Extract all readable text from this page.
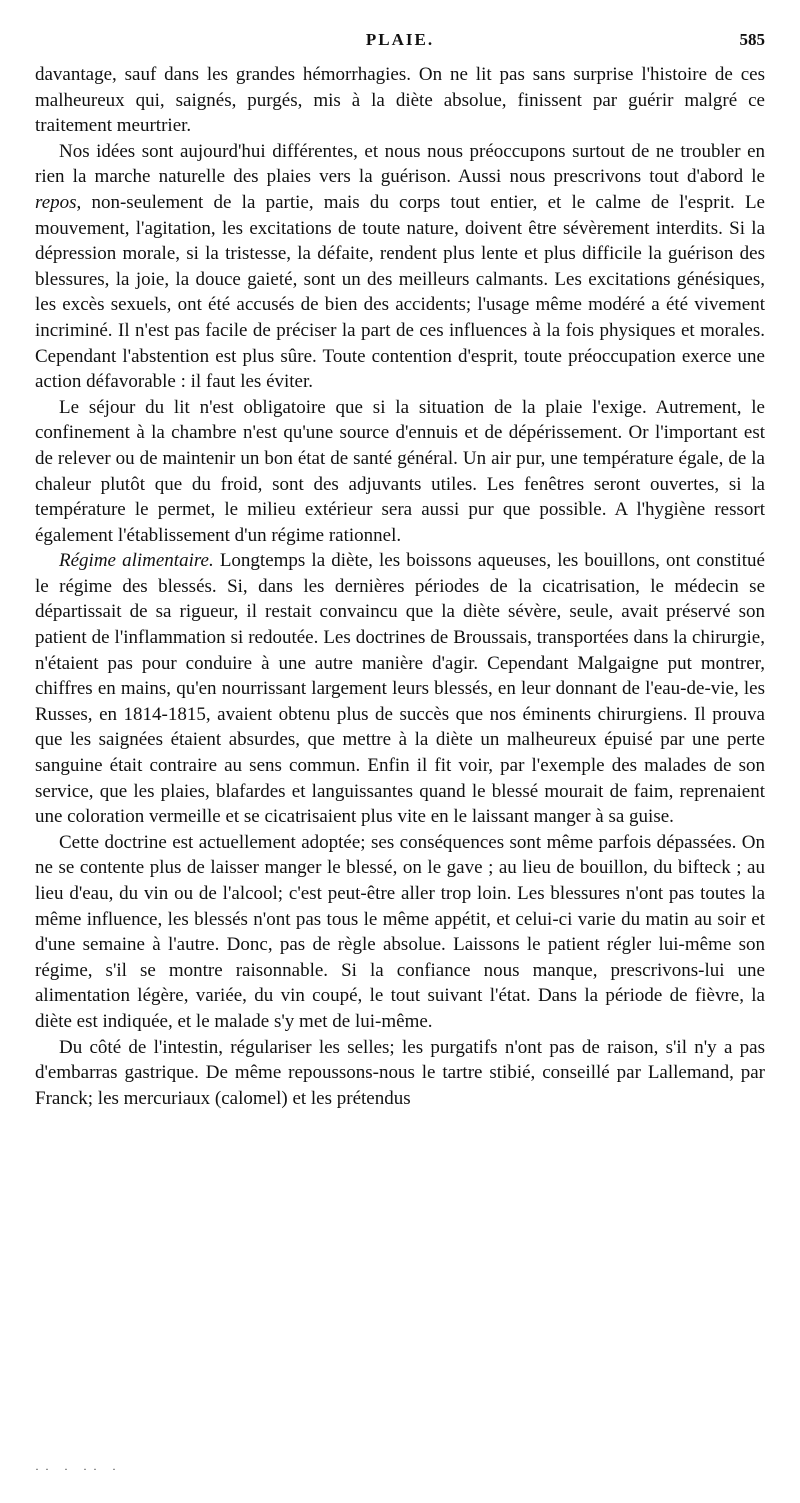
PLAIE.	585

davantage, sauf dans les grandes hémorrhagies. On ne lit pas sans surprise l'histoire de ces malheureux qui, saignés, purgés, mis à la diète absolue, finissent par guérir malgré ce traitement meurtrier.

Nos idées sont aujourd'hui différentes, et nous nous préoccupons surtout de ne troubler en rien la marche naturelle des plaies vers la guérison. Aussi nous prescrivons tout d'abord le repos, non-seulement de la partie, mais du corps tout entier, et le calme de l'esprit. Le mouvement, l'agitation, les excitations de toute nature, doivent être sévèrement interdits. Si la dépression morale, si la tristesse, la défaite, rendent plus lente et plus difficile la guérison des blessures, la joie, la douce gaieté, sont un des meilleurs calmants. Les excitations génésiques, les excès sexuels, ont été accusés de bien des accidents; l'usage même modéré a été vivement incriminé. Il n'est pas facile de préciser la part de ces influences à la fois physiques et morales. Cependant l'abstention est plus sûre. Toute contention d'esprit, toute préoccupation exerce une action défavorable : il faut les éviter.

Le séjour du lit n'est obligatoire que si la situation de la plaie l'exige. Autrement, le confinement à la chambre n'est qu'une source d'ennuis et de dépérissement. Or l'important est de relever ou de maintenir un bon état de santé général. Un air pur, une température égale, de la chaleur plutôt que du froid, sont des adjuvants utiles. Les fenêtres seront ouvertes, si la température le permet, le milieu extérieur sera aussi pur que possible. A l'hygiène ressort également l'établissement d'un régime rationnel.

Régime alimentaire. Longtemps la diète, les boissons aqueuses, les bouillons, ont constitué le régime des blessés. Si, dans les dernières périodes de la cicatrisation, le médecin se départissait de sa rigueur, il restait convaincu que la diète sévère, seule, avait préservé son patient de l'inflammation si redoutée. Les doctrines de Broussais, transportées dans la chirurgie, n'étaient pas pour conduire à une autre manière d'agir. Cependant Malgaigne put montrer, chiffres en mains, qu'en nourrissant largement leurs blessés, en leur donnant de l'eau-de-vie, les Russes, en 1814-1815, avaient obtenu plus de succès que nos éminents chirurgiens. Il prouva que les saignées étaient absurdes, que mettre à la diète un malheureux épuisé par une perte sanguine était contraire au sens commun. Enfin il fit voir, par l'exemple des malades de son service, que les plaies, blafardes et languissantes quand le blessé mourait de faim, reprenaient une coloration vermeille et se cicatrisaient plus vite en le laissant manger à sa guise.

Cette doctrine est actuellement adoptée; ses conséquences sont même parfois dépassées. On ne se contente plus de laisser manger le blessé, on le gave ; au lieu de bouillon, du bifteck ; au lieu d'eau, du vin ou de l'alcool; c'est peut-être aller trop loin. Les blessures n'ont pas toutes la même influence, les blessés n'ont pas tous le même appétit, et celui-ci varie du matin au soir et d'une semaine à l'autre. Donc, pas de règle absolue. Laissons le patient régler lui-même son régime, s'il se montre raisonnable. Si la confiance nous manque, prescrivons-lui une alimentation légère, variée, du vin coupé, le tout suivant l'état. Dans la période de fièvre, la diète est indiquée, et le malade s'y met de lui-même.

Du côté de l'intestin, régulariser les selles; les purgatifs n'ont pas de raison, s'il n'y a pas d'embarras gastrique. De même repoussons-nous le tartre stibié, conseillé par Lallemand, par Franck; les mercuriaux (calomel) et les prétendus

·· · ·· ·
